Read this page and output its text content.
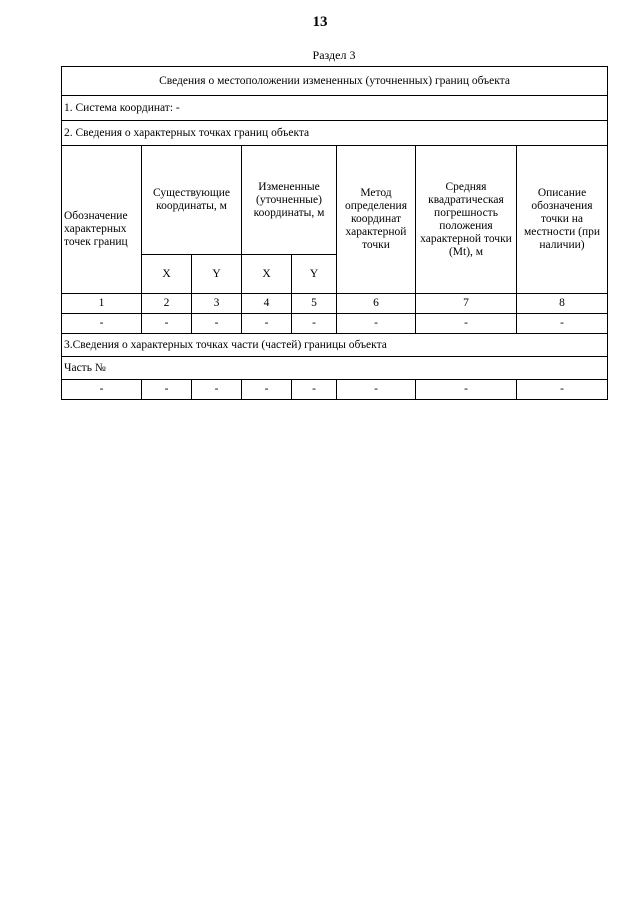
13
Раздел 3
Сведения о местоположении измененных (уточненных) границ объекта							
1. Система координат: -							
2. Сведения о характерных точках границ объекта							
Обозначение характерных точек границ	Существующие координаты, м		Измененные (уточненные) координаты, м		Метод определения координат характерной точки	Средняя квадратическая погрешность положения характерной точки (Mt), м	Описание обозначения точки на местности (при наличии)
	X	Y	X	Y			
1	2	3	4	5	6	7	8
-	-	-	-	-	-	-	-
3.Сведения о характерных точках части (частей) границы объекта							
Часть №							
-	-	-	-	-	-	-	-
